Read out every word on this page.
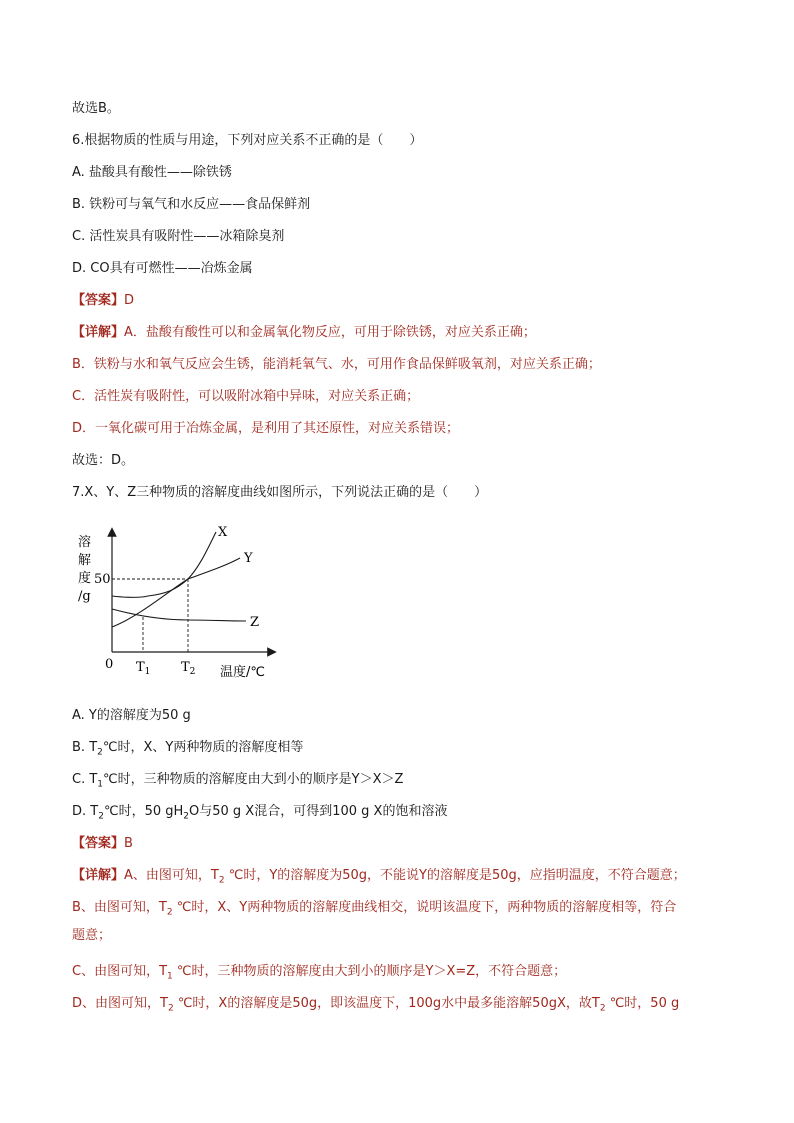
故选B。
6.根据物质的性质与用途，下列对应关系不正确的是（　　）
A. 盐酸具有酸性——除铁锈
B. 铁粉可与氧气和水反应——食品保鲜剂
C. 活性炭具有吸附性——冰箱除臭剂
D. CO具有可燃性——冶炼金属
【答案】D
【详解】A．盐酸有酸性可以和金属氧化物反应，可用于除铁锈，对应关系正确；
B．铁粉与水和氧气反应会生锈，能消耗氧气、水，可用作食品保鲜吸氧剂，对应关系正确；
C．活性炭有吸附性，可以吸附冰箱中异味，对应关系正确；
D．一氧化碳可用于冶炼金属，是利用了其还原性，对应关系错误；
故选：D。
7.X、Y、Z三种物质的溶解度曲线如图所示，下列说法正确的是（　　）
溶
解
度
/g
50
0 $T_1$ $T_2$ 温度/℃
X
Y
Z
A. Y的溶解度为50 g
B. $T_2℃$时，X、Y两种物质的溶解度相等
C. $T_1℃$时，三种物质的溶解度由大到小的顺序是Y＞X＞Z
D. $T_2℃$时，50 $gH_2O$与50 g X混合，可得到100 g X的饱和溶液
【答案】B
【详解】A、由图可知，$T_2$ ℃时，Y的溶解度为50g，不能说Y的溶解度是50g，应指明温度，不符合题意；
B、由图可知，$T_2$ ℃时，X、Y两种物质的溶解度曲线相交，说明该温度下，两种物质的溶解度相等，符合
题意；
C、由图可知，$T_1$ ℃时，三种物质的溶解度由大到小的顺序是Y＞X=Z，不符合题意；
D、由图可知，$T_2$ ℃时，X的溶解度是50g，即该温度下，100g水中最多能溶解50gX，故$T_2$ ℃时，50 g
